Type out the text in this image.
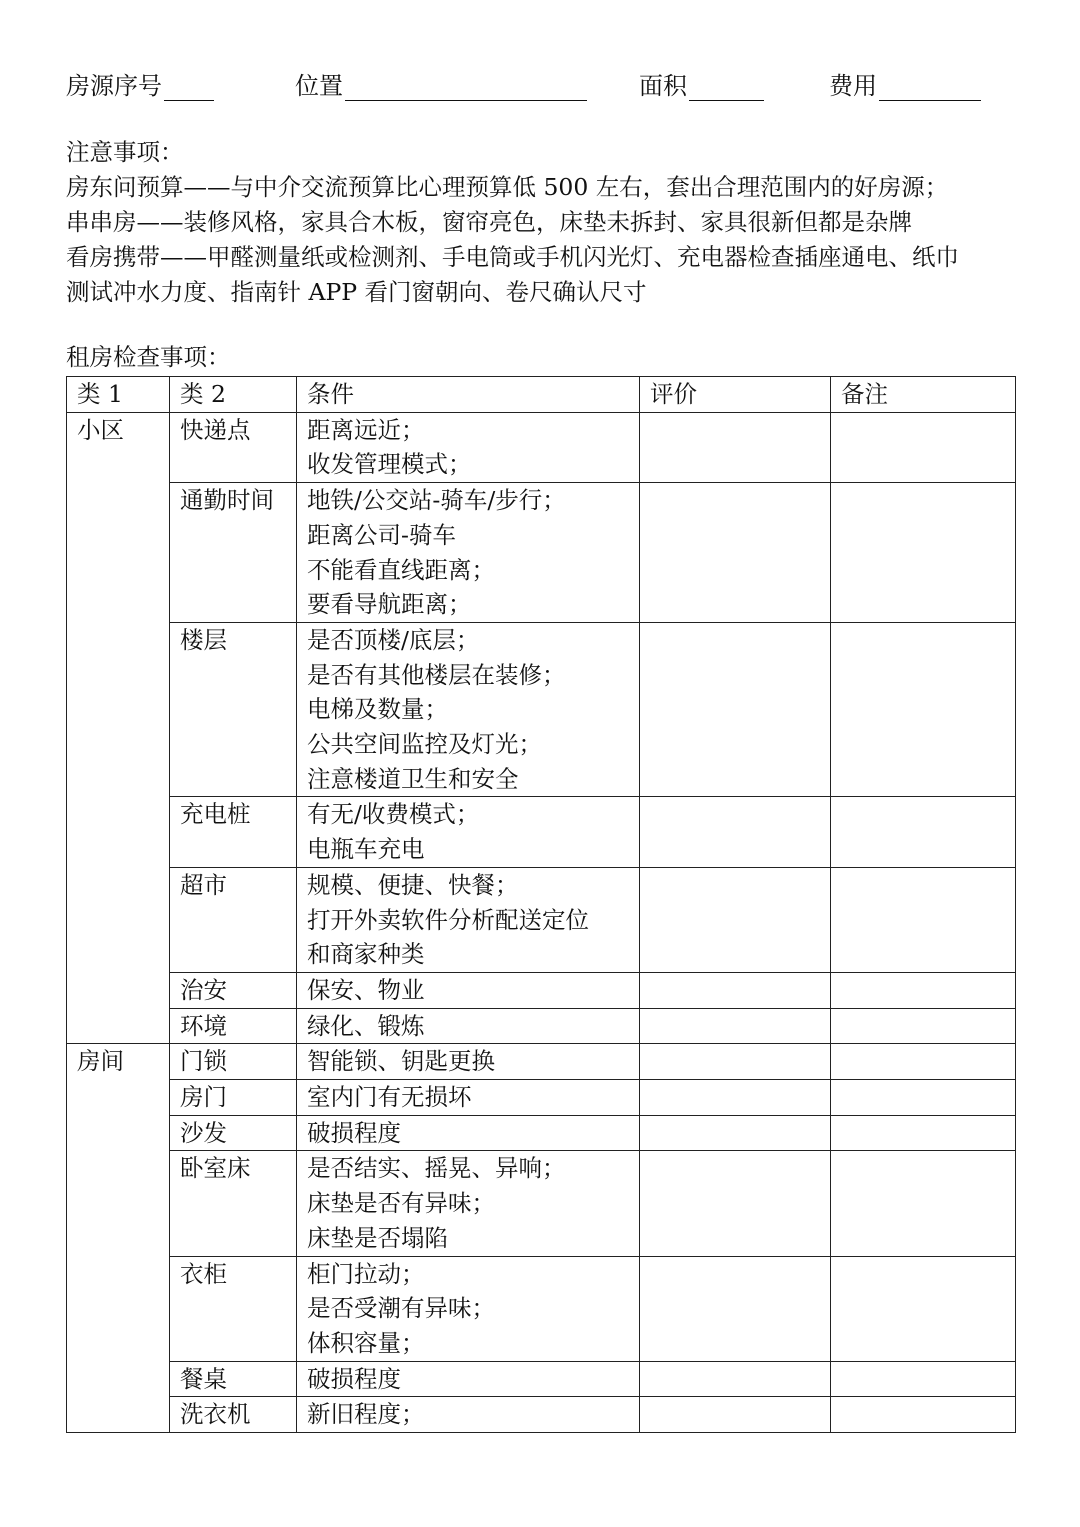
房源序号	位置	面积	费用

注意事项：

房东问预算——与中介交流预算比心理预算低 500 左右，套出合理范围内的好房源；

串串房——装修风格，家具合木板，窗帘亮色，床垫未拆封、家具很新但都是杂牌

看房携带——甲醛测量纸或检测剂、手电筒或手机闪光灯、充电器检查插座通电、纸巾

测试冲水力度、指南针 APP 看门窗朝向、卷尺确认尺寸

租房检查事项：
类 1	类 2	条件	评价	备注
小区	快递点	距离远近；
收发管理模式；		

	通勤时间	地铁/公交站-骑车/步行；
距离公司-骑车
不能看直线距离；
要看导航距离；		

	楼层	是否顶楼/底层；
是否有其他楼层在装修；
电梯及数量；
公共空间监控及灯光；
注意楼道卫生和安全		

	充电桩	有无/收费模式；
电瓶车充电		

	超市	规模、便捷、快餐；
打开外卖软件分析配送定位
和商家种类		

	治安	保安、物业		

	环境	绿化、锻炼		

房间	门锁	智能锁、钥匙更换		

	房门	室内门有无损坏		

	沙发	破损程度		

	卧室床	是否结实、摇晃、异响；
床垫是否有异味；
床垫是否塌陷		

	衣柜	柜门拉动；
是否受潮有异味；
体积容量；		

	餐桌	破损程度		

	洗衣机	新旧程度；		
